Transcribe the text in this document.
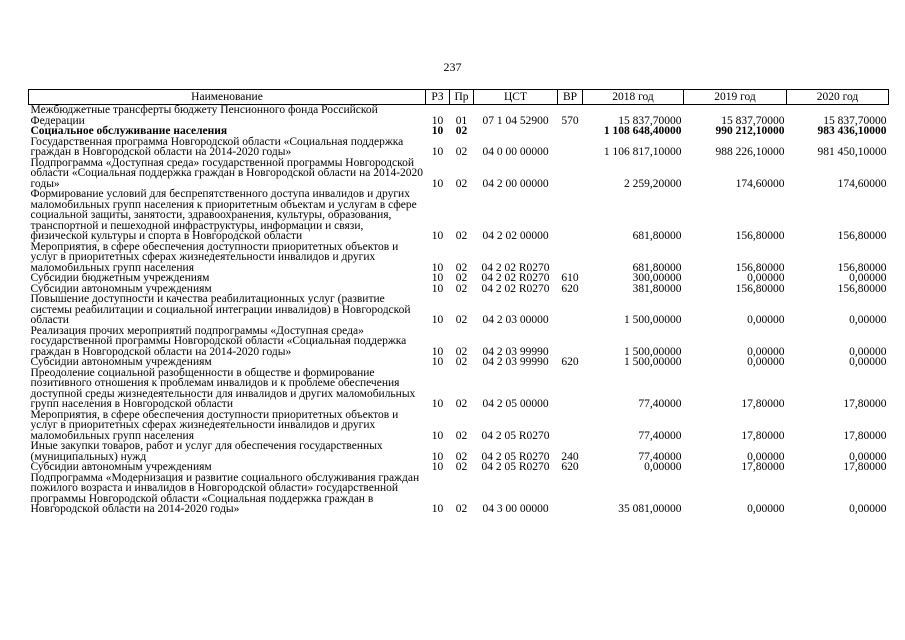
237
Наименование	РЗ	Пр	ЦСТ	ВР	2018 год	2019 год	2020 год
Межбюджетные трансферты бюджету Пенсионного фонда Российской Федерации	10	01	07 1 04 52900	570	15 837,70000	15 837,70000	15 837,70000
Социальное обслуживание населения	10	02			1 108 648,40000	990 212,10000	983 436,10000
Государственная программа Новгородской области «Социальная поддержка граждан в Новгородской области на 2014-2020 годы»	10	02	04 0 00 00000		1 106 817,10000	988 226,10000	981 450,10000
Подпрограмма «Доступная среда» государственной программы Новгородской области «Социальная поддержка граждан в Новгородской области на 2014-2020 годы»	10	02	04 2 00 00000		2 259,20000	174,60000	174,60000
Формирование условий для беспрепятственного доступа инвалидов и других маломобильных групп населения к приоритетным объектам и услугам в сфере социальной защиты, занятости, здравоохранения, культуры, образования, транспортной и пешеходной инфраструктуры, информации и связи, физической культуры и спорта в Новгородской области	10	02	04 2 02 00000		681,80000	156,80000	156,80000
Мероприятия, в сфере обеспечения доступности приоритетных объектов и услуг в приоритетных сферах жизнедеятельности инвалидов и других маломобильных групп населения	10	02	04 2 02 R0270		681,80000	156,80000	156,80000
Субсидии бюджетным учреждениям	10	02	04 2 02 R0270	610	300,00000	0,00000	0,00000
Субсидии автономным учреждениям	10	02	04 2 02 R0270	620	381,80000	156,80000	156,80000
Повышение доступности и качества реабилитационных услуг (развитие системы реабилитации и социальной интеграции инвалидов) в Новгородской области	10	02	04 2 03 00000		1 500,00000	0,00000	0,00000
Реализация прочих мероприятий подпрограммы «Доступная среда» государственной программы Новгородской области «Социальная поддержка граждан в Новгородской области на 2014-2020 годы»	10	02	04 2 03 99990		1 500,00000	0,00000	0,00000
Субсидии автономным учреждениям	10	02	04 2 03 99990	620	1 500,00000	0,00000	0,00000
Преодоление социальной разобщенности в обществе и формирование позитивного отношения к проблемам инвалидов и к проблеме обеспечения доступной среды жизнедеятельности для инвалидов и других маломобильных групп населения в Новгородской области	10	02	04 2 05 00000		77,40000	17,80000	17,80000
Мероприятия, в сфере обеспечения доступности приоритетных объектов и услуг в приоритетных сферах жизнедеятельности инвалидов и других маломобильных групп населения	10	02	04 2 05 R0270		77,40000	17,80000	17,80000
Иные закупки товаров, работ и услуг для обеспечения государственных (муниципальных) нужд	10	02	04 2 05 R0270	240	77,40000	0,00000	0,00000
Субсидии автономным учреждениям	10	02	04 2 05 R0270	620	0,00000	17,80000	17,80000
Подпрограмма «Модернизация и развитие социального обслуживания граждан пожилого возраста и инвалидов в Новгородской области» государственной программы Новгородской области «Социальная поддержка граждан в Новгородской области на 2014-2020 годы»	10	02	04 3 00 00000		35 081,00000	0,00000	0,00000
